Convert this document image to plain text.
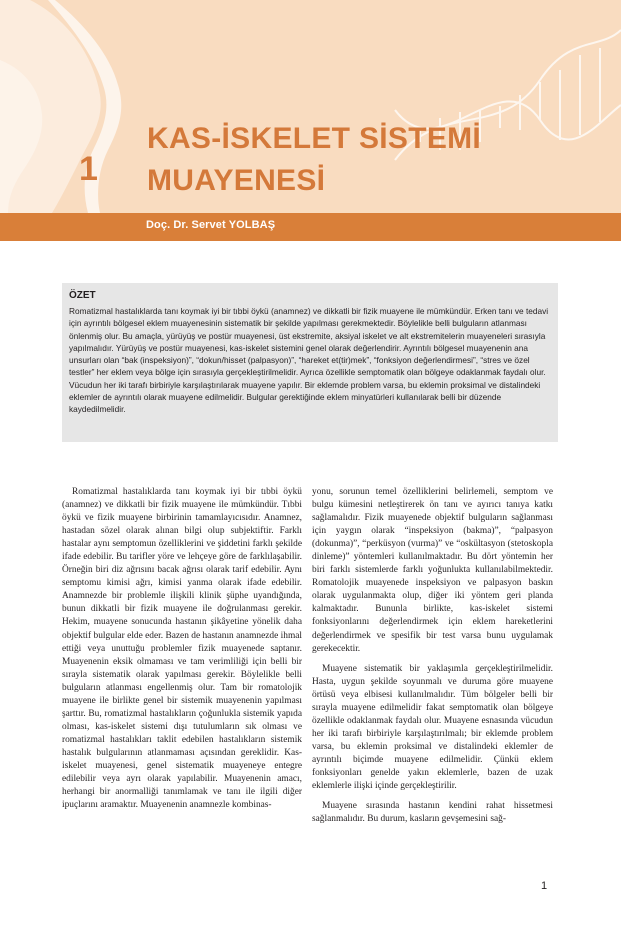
1
KAS-İSKELET SİSTEMİ
MUAYENESİ
Doç. Dr. Servet YOLBAŞ
ÖZET

Romatizmal hastalıklarda tanı koymak iyi bir tıbbi öykü (anamnez) ve dikkatli bir fizik muayene ile mümkündür. Erken tanı ve tedavi için ayrıntılı bölgesel eklem muayenesinin sistematik bir şekilde yapılması gerekmektedir. Böylelikle belli bulguların atlanması önlenmiş olur. Bu amaçla, yürüyüş ve postür muayenesi, üst ekstremite, aksiyal iskelet ve alt ekstremitelerin muayeneleri sırasıyla yapılmalıdır. Yürüyüş ve postür muayenesi, kas-iskelet sistemini genel olarak değerlendirir. Ayrıntılı bölgesel muayenenin ana unsurları olan “bak (inspeksiyon)”, “dokun/hisset (palpasyon)”, “hareket et(tir)mek”, “fonksiyon değerlendirmesi”, “stres ve özel testler” her eklem veya bölge için sırasıyla gerçekleştirilmelidir. Ayrıca özellikle semptomatik olan bölgeye odaklanmak faydalı olur. Vücudun her iki tarafı birbiriyle karşılaştırılarak muayene yapılır. Bir eklemde problem varsa, bu eklemin proksimal ve distalindeki eklemler de ayrıntılı olarak muayene edilmelidir. Bulgular gerektiğinde eklem minyatürleri kullanılarak belli bir düzende kaydedilmelidir.

Romatizmal hastalıklarda tanı koymak iyi bir tıbbi öykü (anamnez) ve dikkatli bir fizik muayene ile mümkündür. Tıbbi öykü ve fizik muayene birbirinin tamamlayıcısıdır. Anamnez, hastadan sözel olarak alınan bilgi olup subjektiftir. Farklı hastalar aynı semptomun özelliklerini ve şiddetini farklı şekilde ifade edebilir. Bu tarifler yöre ve lehçeye göre de farklılaşabilir. Örneğin biri diz ağrısını bacak ağrısı olarak tarif edebilir. Aynı semptomu kimisi ağrı, kimisi yanma olarak ifade edebilir. Anamnezde bir problemle ilişkili klinik şüphe uyandığında, bunun dikkatli bir fizik muayene ile doğrulanması gerekir. Hekim, muayene sonucunda hastanın şikâyetine yönelik daha objektif bulgular elde eder. Bazen de hastanın anamnezde ihmal ettiği veya unuttuğu problemler fizik muayenede saptanır. Muayenenin eksik olmaması ve tam verimliliği için belli bir sırayla sistematik olarak yapılması gerekir. Böylelikle belli bulguların atlanması engellenmiş olur. Tam bir romatolojik muayene ile birlikte genel bir sistemik muayenenin yapılması şarttır. Bu, romatizmal hastalıkların çoğunlukla sistemik yapıda olması, kas-iskelet sistemi dışı tutulumların sık olması ve romatizmal hastalıkları taklit edebilen hastalıkların sistemik hastalık bulgularının atlanmaması açısından gereklidir. Kas-iskelet muayenesi, genel sistematik muayeneye entegre edilebilir veya ayrı olarak yapılabilir. Muayenenin amacı, herhangi bir anormalliği tanımlamak ve tanı ile ilgili diğer ipuçlarını aramaktır. Muayenenin anamnezle kombinas-

yonu, sorunun temel özelliklerini belirlemeli, semptom ve bulgu kümesini netleştirerek ön tanı ve ayırıcı tanıya katkı sağlamalıdır. Fizik muayenede objektif bulguların sağlanması için yaygın olarak “inspeksiyon (bakma)”, “palpasyon (dokunma)”, “perküsyon (vurma)” ve “oskültasyon (stetoskopla dinleme)” yöntemleri kullanılmaktadır. Bu dört yöntemin her biri farklı sistemlerde farklı yoğunlukta kullanılabilmektedir. Romatolojik muayenede inspeksiyon ve palpasyon baskın olarak uygulanmakta olup, diğer iki yöntem geri planda kalmaktadır. Bununla birlikte, kas-iskelet sistemi fonksiyonlarını değerlendirmek için eklem hareketlerini değerlendirmek ve spesifik bir test varsa bunu uygulamak gerekecektir.

Muayene sistematik bir yaklaşımla gerçekleştirilmelidir. Hasta, uygun şekilde soyunmalı ve duruma göre muayene örtüsü veya elbisesi kullanılmalıdır. Tüm bölgeler belli bir sırayla muayene edilmelidir fakat semptomatik olan bölgeye özellikle odaklanmak faydalı olur. Muayene esnasında vücudun her iki tarafı birbiriyle karşılaştırılmalı; bir eklemde problem varsa, bu eklemin proksimal ve distalindeki eklemler de ayrıntılı biçimde muayene edilmelidir. Çünkü eklem fonksiyonları genelde yakın eklemlerle, bazen de uzak eklemlerle ilişki içinde gerçekleştirilir.

Muayene sırasında hastanın kendini rahat hissetmesi sağlanmalıdır. Bu durum, kasların gevşemesini sağ-

1
